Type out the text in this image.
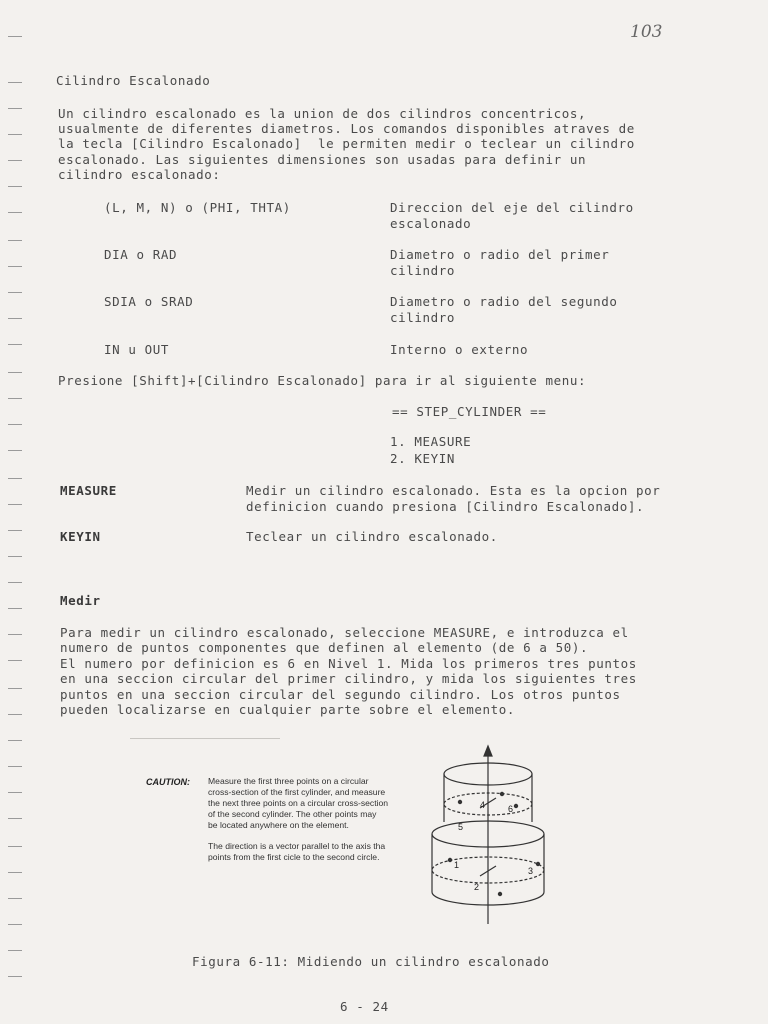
103
Cilindro Escalonado
Un cilindro escalonado es la union de dos cilindros concentricos,
usualmente de diferentes diametros. Los comandos disponibles atraves de
la tecla [Cilindro Escalonado]  le permiten medir o teclear un cilindro
escalonado. Las siguientes dimensiones son usadas para definir un
cilindro escalonado:
(L, M, N) o (PHI, THTA)	Direccion del eje del cilindro
escalonado
DIA o RAD	Diametro o radio del primer
cilindro
SDIA o SRAD	Diametro o radio del segundo
cilindro
IN u OUT	Interno o externo
Presione [Shift]+[Cilindro Escalonado] para ir al siguiente menu:
== STEP_CYLINDER ==
1. MEASURE
2. KEYIN
MEASURE	Medir un cilindro escalonado. Esta es la opcion por
definicion cuando presiona [Cilindro Escalonado].
KEYIN	Teclear un cilindro escalonado.
Medir
Para medir un cilindro escalonado, seleccione MEASURE, e introduzca el
numero de puntos componentes que definen al elemento (de 6 a 50).
El numero por definicion es 6 en Nivel 1. Mida los primeros tres puntos
en una seccion circular del primer cilindro, y mida los siguientes tres
puntos en una seccion circular del segundo cilindro. Los otros puntos
pueden localizarse en cualquier parte sobre el elemento.
CAUTION: Measure the first three points on a circular
cross-section of the first cylinder, and measure
the next three points on a circular cross-section
of the second cylinder. The other points may
be located anywhere on the element.
The direction is a vector parallel to the axis tha
points from the first cicle to the second circle.
1
2
3
4
5
6
Figura 6-11: Midiendo un cilindro escalonado
6 - 24
